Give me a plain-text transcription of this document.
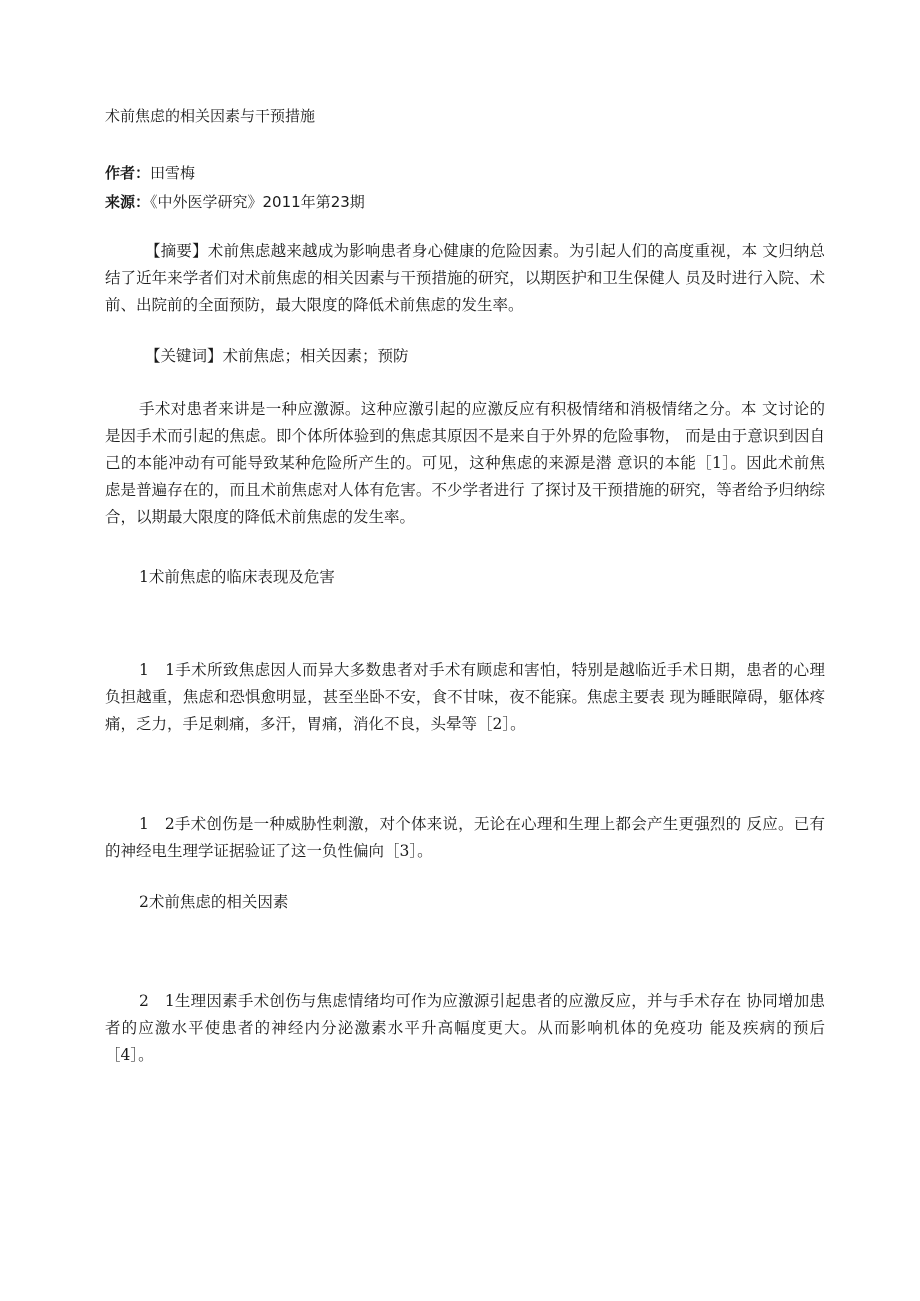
术前焦虑的相关因素与干预措施
作者：田雪梅
来源：《中外医学研究》2011年第23期
【摘要】术前焦虑越来越成为影响患者身心健康的危险因素。为引起人们的高度重视，本 文归纳总结了近年来学者们对术前焦虑的相关因素与干预措施的研究，以期医护和卫生保健人 员及时进行入院、术前、出院前的全面预防，最大限度的降低术前焦虑的发生率。
【关键词】术前焦虑；相关因素；预防
手术对患者来讲是一种应激源。这种应激引起的应激反应有积极情绪和消极情绪之分。本 文讨论的是因手术而引起的焦虑。即个体所体验到的焦虑其原因不是来自于外界的危险事物， 而是由于意识到因自己的本能冲动有可能导致某种危险所产生的。可见，这种焦虑的来源是潜 意识的本能［1］。因此术前焦虑是普遍存在的，而且术前焦虑对人体有危害。不少学者进行 了探讨及干预措施的研究，等者给予归纳综合，以期最大限度的降低术前焦虑的发生率。
1术前焦虑的临床表现及危害
1　1手术所致焦虑因人而异大多数患者对手术有顾虑和害怕，特别是越临近手术日期，患者的心理负担越重，焦虑和恐惧愈明显，甚至坐卧不安，食不甘味，夜不能寐。焦虑主要表 现为睡眠障碍，躯体疼痛，乏力，手足刺痛，多汗，胃痛，消化不良，头晕等［2］。
1　2手术创伤是一种威胁性刺激，对个体来说，无论在心理和生理上都会产生更强烈的 反应。已有的神经电生理学证据验证了这一负性偏向［3］。
2术前焦虑的相关因素
2　1生理因素手术创伤与焦虑情绪均可作为应激源引起患者的应激反应，并与手术存在 协同增加患者的应激水平使患者的神经内分泌激素水平升高幅度更大。从而影响机体的免疫功 能及疾病的预后［4］。
